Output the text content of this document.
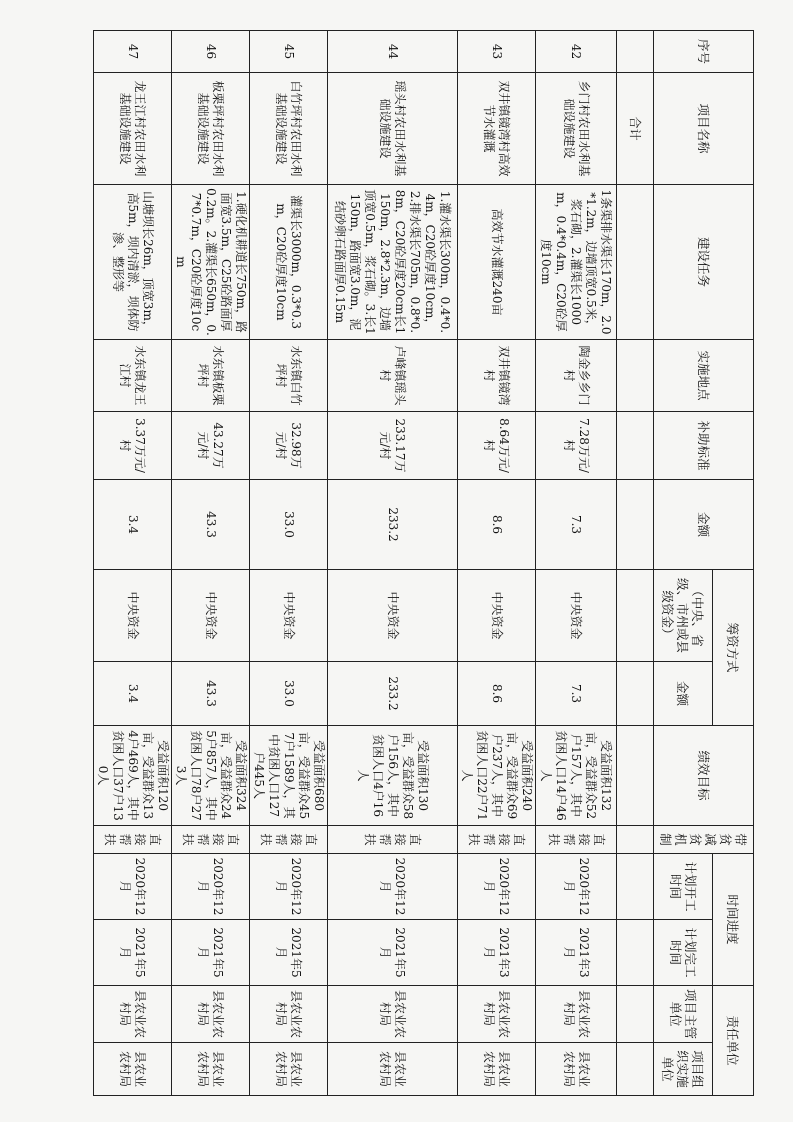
序号	项目名称	建设任务	实施地点	补助标准	金额	筹资方式		绩效目标	带贫减贫机制	时间进度		责任单位	
						（中央、省级、市州或县级资金）	金额			计划开工时间	计划完工时间	项目主管单位	项目组织实施单位
	合计												
42	乡门村农田水利基础设施建设	1条渠排水渠长170m，2.0*1.2m，边墙顶宽0.5米，浆石砌，2.灌渠长1000m，0.4*0.4m，C20砼厚度10cm	陶金乡乡门村	7.28万元/村	7.3	中央资金	7.3	受益面积132亩，受益群众52户157人，其中贫困人口14户46人	直接帮扶	2020年12月	2021年3月	县农业农村局	县农业农村局
43	双井镇镜湾村高效节水灌溉	高效节水灌溉240亩	双井镇镜湾村	8.64万元/村	8.6	中央资金	8.6	受益面积240亩，受益群众69户237人，其中贫困人口22户71人	直接帮扶	2020年12月	2021年3月	县农业农村局	县农业农村局
44	瑶头村农田水利基础设施建设	1.灌水渠长300m，0.4*0.4m，C20砼厚度10cm，2.排水渠长705m，0.8*0.8m，C20砼厚度20cm长1150m，2.8*2.3m，边墙顶宽0.5m，浆石砌。3.长1150m，路面宽3.0m，泥结砂卵石路面厚0.15m	卢峰镇瑶头村	233.17万元/村	233.2	中央资金	233.2	受益面积130亩，受益群众58户156人，其中贫困人口4户16人	直接帮扶	2020年12月	2021年5月	县农业农村局	县农业农村局
45	白竹坪村农田水利基础设施建设	灌渠长3000m，0.3*0.3m，C20砼厚度10cm	水东镇白竹坪村	32.98万元/村	33.0	中央资金	33.0	受益面积680亩，受益群众457户1589人，其中贫困人口127户445人	直接帮扶	2020年12月	2021年5月	县农业农村局	县农业农村局
46	板栗坪村农田水利基础设施建设	1.硬化机耕道长750m，路面宽3.5m，C25砼路面厚0.2m。2.灌渠长650m，0.7*0.7m，C20砼厚度10cm	水东镇板栗坪村	43.27万元/村	43.3	中央资金	43.3	受益面积324亩，受益群众245户857人，其中贫困人口78户273人	直接帮扶	2020年12月	2021年5月	县农业农村局	县农业农村局
47	龙王江村农田水利基础设施建设	山塘坝长26m，顶宽3m，高5m，坝内清淤，坝体防渗、整形等	水东镇龙王江村	3.37万元/村	3.4	中央资金	3.4	受益面积120亩，受益群众134户469人，其中贫困人口37户130人	直接帮扶	2020年12月	2021年5月	县农业农村局	县农业农村局
